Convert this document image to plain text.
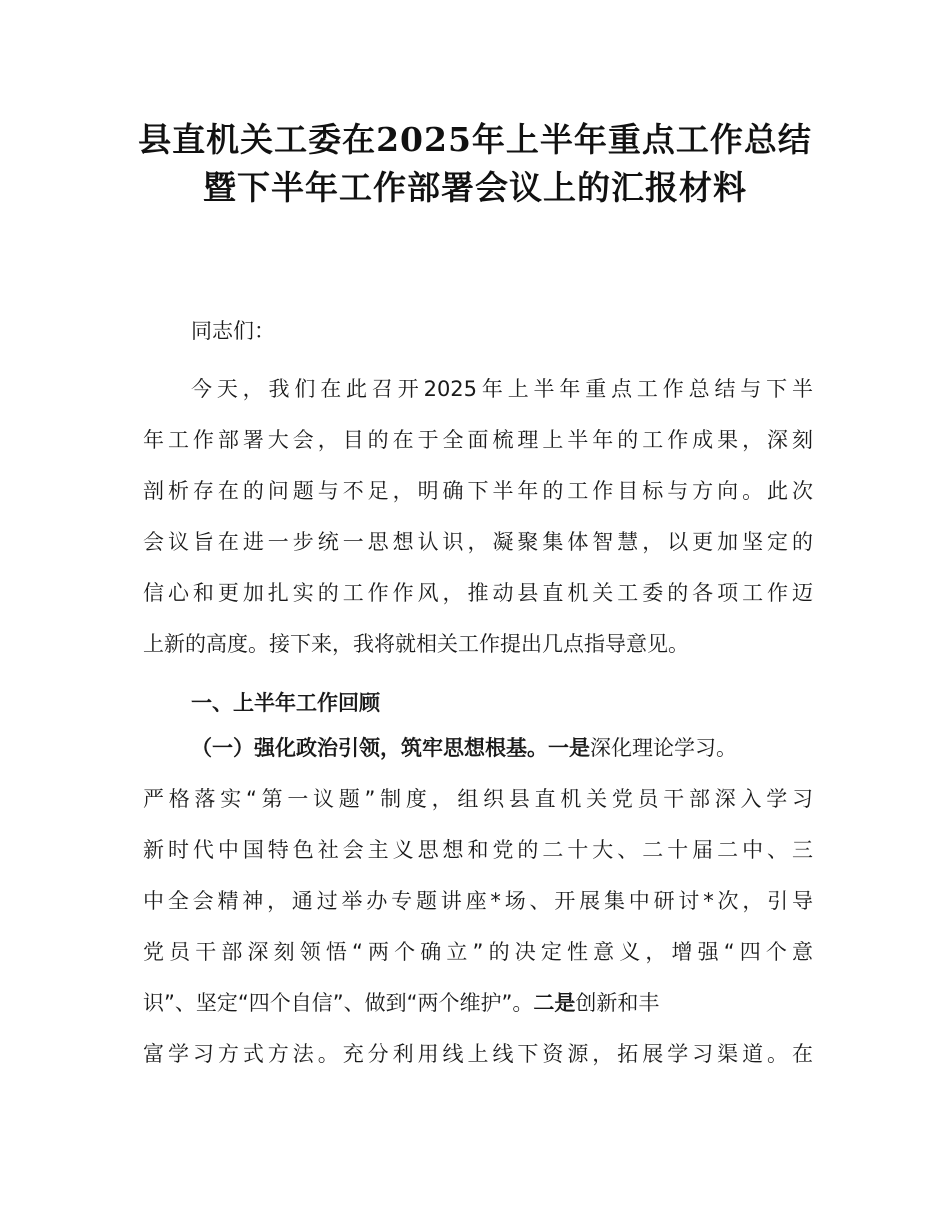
县直机关工委在2025年上半年重点工作总结
暨下半年工作部署会议上的汇报材料
同志们：
今天，我们在此召开2025年上半年重点工作总结与下半
年工作部署大会，目的在于全面梳理上半年的工作成果，深刻
剖析存在的问题与不足，明确下半年的工作目标与方向。此次
会议旨在进一步统一思想认识，凝聚集体智慧，以更加坚定的
信心和更加扎实的工作作风，推动县直机关工委的各项工作迈
上新的高度。接下来，我将就相关工作提出几点指导意见。
一、上半年工作回顾
（一）强化政治引领，筑牢思想根基。一是深化理论学习。
严格落实“第一议题”制度，组织县直机关党员干部深入学习
新时代中国特色社会主义思想和党的二十大、二十届二中、三
中全会精神，通过举办专题讲座*场、开展集中研讨*次，引导
党员干部深刻领悟“两个确立”的决定性意义，增强“四个意
识”、坚定“四个自信”、做到“两个维护”。二是创新和丰
富学习方式方法。充分利用线上线下资源，拓展学习渠道。在
